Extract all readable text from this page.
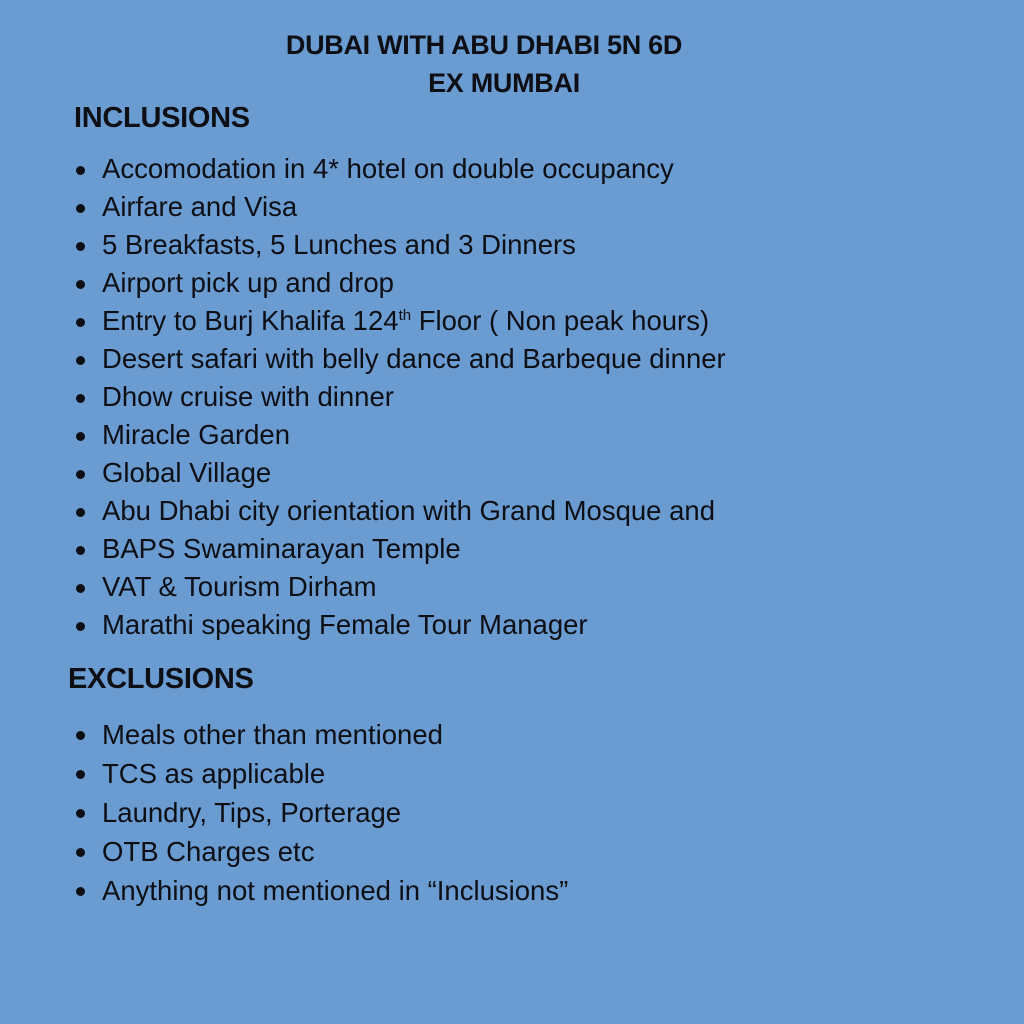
DUBAI WITH ABU DHABI 5N 6D
EX MUMBAI
INCLUSIONS
Accomodation in 4* hotel on double occupancy
Airfare and Visa
5 Breakfasts, 5 Lunches and 3 Dinners
Airport pick up and drop
Entry to Burj Khalifa 124th Floor ( Non peak hours)
Desert safari with belly dance and Barbeque dinner
Dhow cruise with dinner
Miracle Garden
Global Village
Abu Dhabi city orientation with Grand Mosque and
BAPS Swaminarayan Temple
VAT & Tourism Dirham
Marathi speaking Female Tour Manager
EXCLUSIONS
Meals other than mentioned
TCS as applicable
Laundry, Tips, Porterage
OTB Charges etc
Anything not mentioned in “Inclusions”
